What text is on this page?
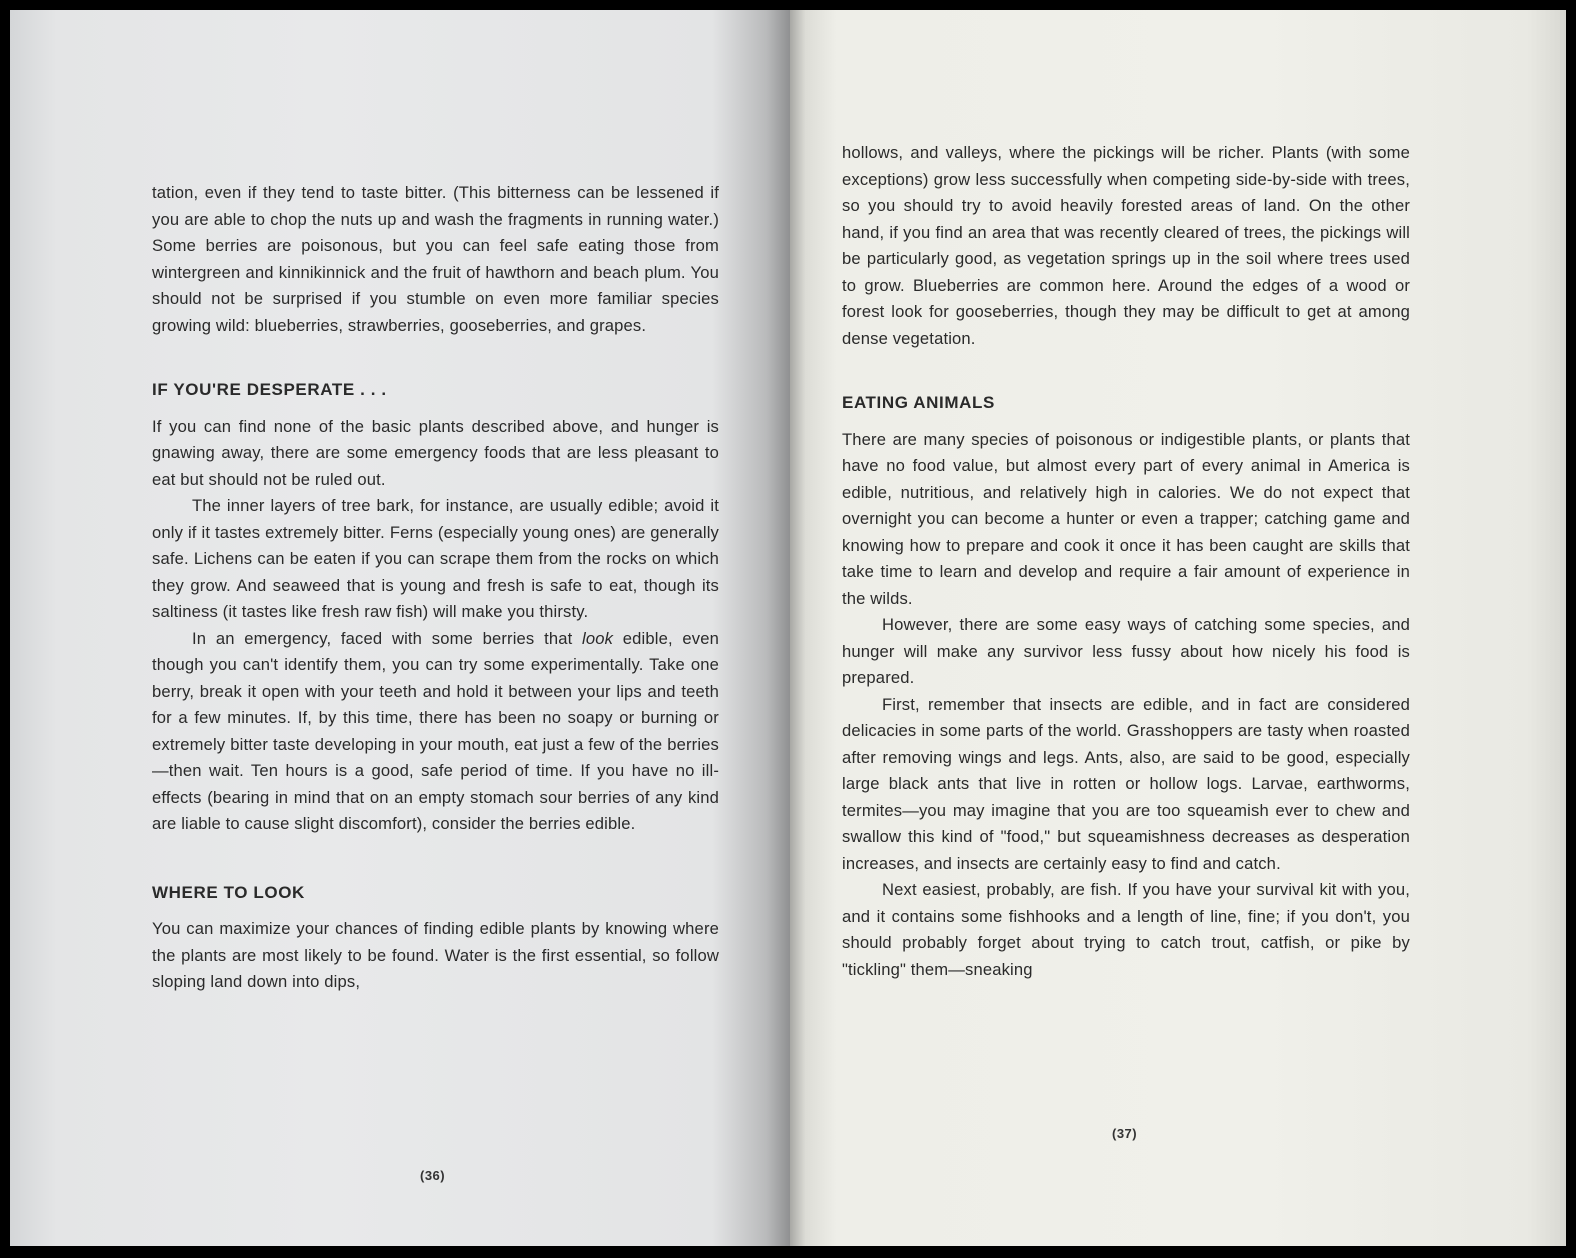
tation, even if they tend to taste bitter. (This bitterness can be lessened if you are able to chop the nuts up and wash the fragments in running water.) Some berries are poisonous, but you can feel safe eating those from wintergreen and kinnikinnick and the fruit of hawthorn and beach plum. You should not be surprised if you stumble on even more familiar species growing wild: blueberries, strawberries, gooseberries, and grapes.

IF YOU'RE DESPERATE . . .

If you can find none of the basic plants described above, and hunger is gnawing away, there are some emergency foods that are less pleasant to eat but should not be ruled out.

The inner layers of tree bark, for instance, are usually edible; avoid it only if it tastes extremely bitter. Ferns (especially young ones) are generally safe. Lichens can be eaten if you can scrape them from the rocks on which they grow. And seaweed that is young and fresh is safe to eat, though its saltiness (it tastes like fresh raw fish) will make you thirsty.

In an emergency, faced with some berries that look edible, even though you can't identify them, you can try some experimentally. Take one berry, break it open with your teeth and hold it between your lips and teeth for a few minutes. If, by this time, there has been no soapy or burning or extremely bitter taste developing in your mouth, eat just a few of the berries—then wait. Ten hours is a good, safe period of time. If you have no ill-effects (bearing in mind that on an empty stomach sour berries of any kind are liable to cause slight discomfort), consider the berries edible.

WHERE TO LOOK

You can maximize your chances of finding edible plants by knowing where the plants are most likely to be found. Water is the first essential, so follow sloping land down into dips,

(36)

hollows, and valleys, where the pickings will be richer. Plants (with some exceptions) grow less successfully when competing side-by-side with trees, so you should try to avoid heavily forested areas of land. On the other hand, if you find an area that was recently cleared of trees, the pickings will be particularly good, as vegetation springs up in the soil where trees used to grow. Blueberries are common here. Around the edges of a wood or forest look for gooseberries, though they may be difficult to get at among dense vegetation.

EATING ANIMALS

There are many species of poisonous or indigestible plants, or plants that have no food value, but almost every part of every animal in America is edible, nutritious, and relatively high in calories. We do not expect that overnight you can become a hunter or even a trapper; catching game and knowing how to prepare and cook it once it has been caught are skills that take time to learn and develop and require a fair amount of experience in the wilds.

However, there are some easy ways of catching some species, and hunger will make any survivor less fussy about how nicely his food is prepared.

First, remember that insects are edible, and in fact are considered delicacies in some parts of the world. Grasshoppers are tasty when roasted after removing wings and legs. Ants, also, are said to be good, especially large black ants that live in rotten or hollow logs. Larvae, earthworms, termites—you may imagine that you are too squeamish ever to chew and swallow this kind of "food," but squeamishness decreases as desperation increases, and insects are certainly easy to find and catch.

Next easiest, probably, are fish. If you have your survival kit with you, and it contains some fishhooks and a length of line, fine; if you don't, you should probably forget about trying to catch trout, catfish, or pike by "tickling" them—sneaking

(37)
